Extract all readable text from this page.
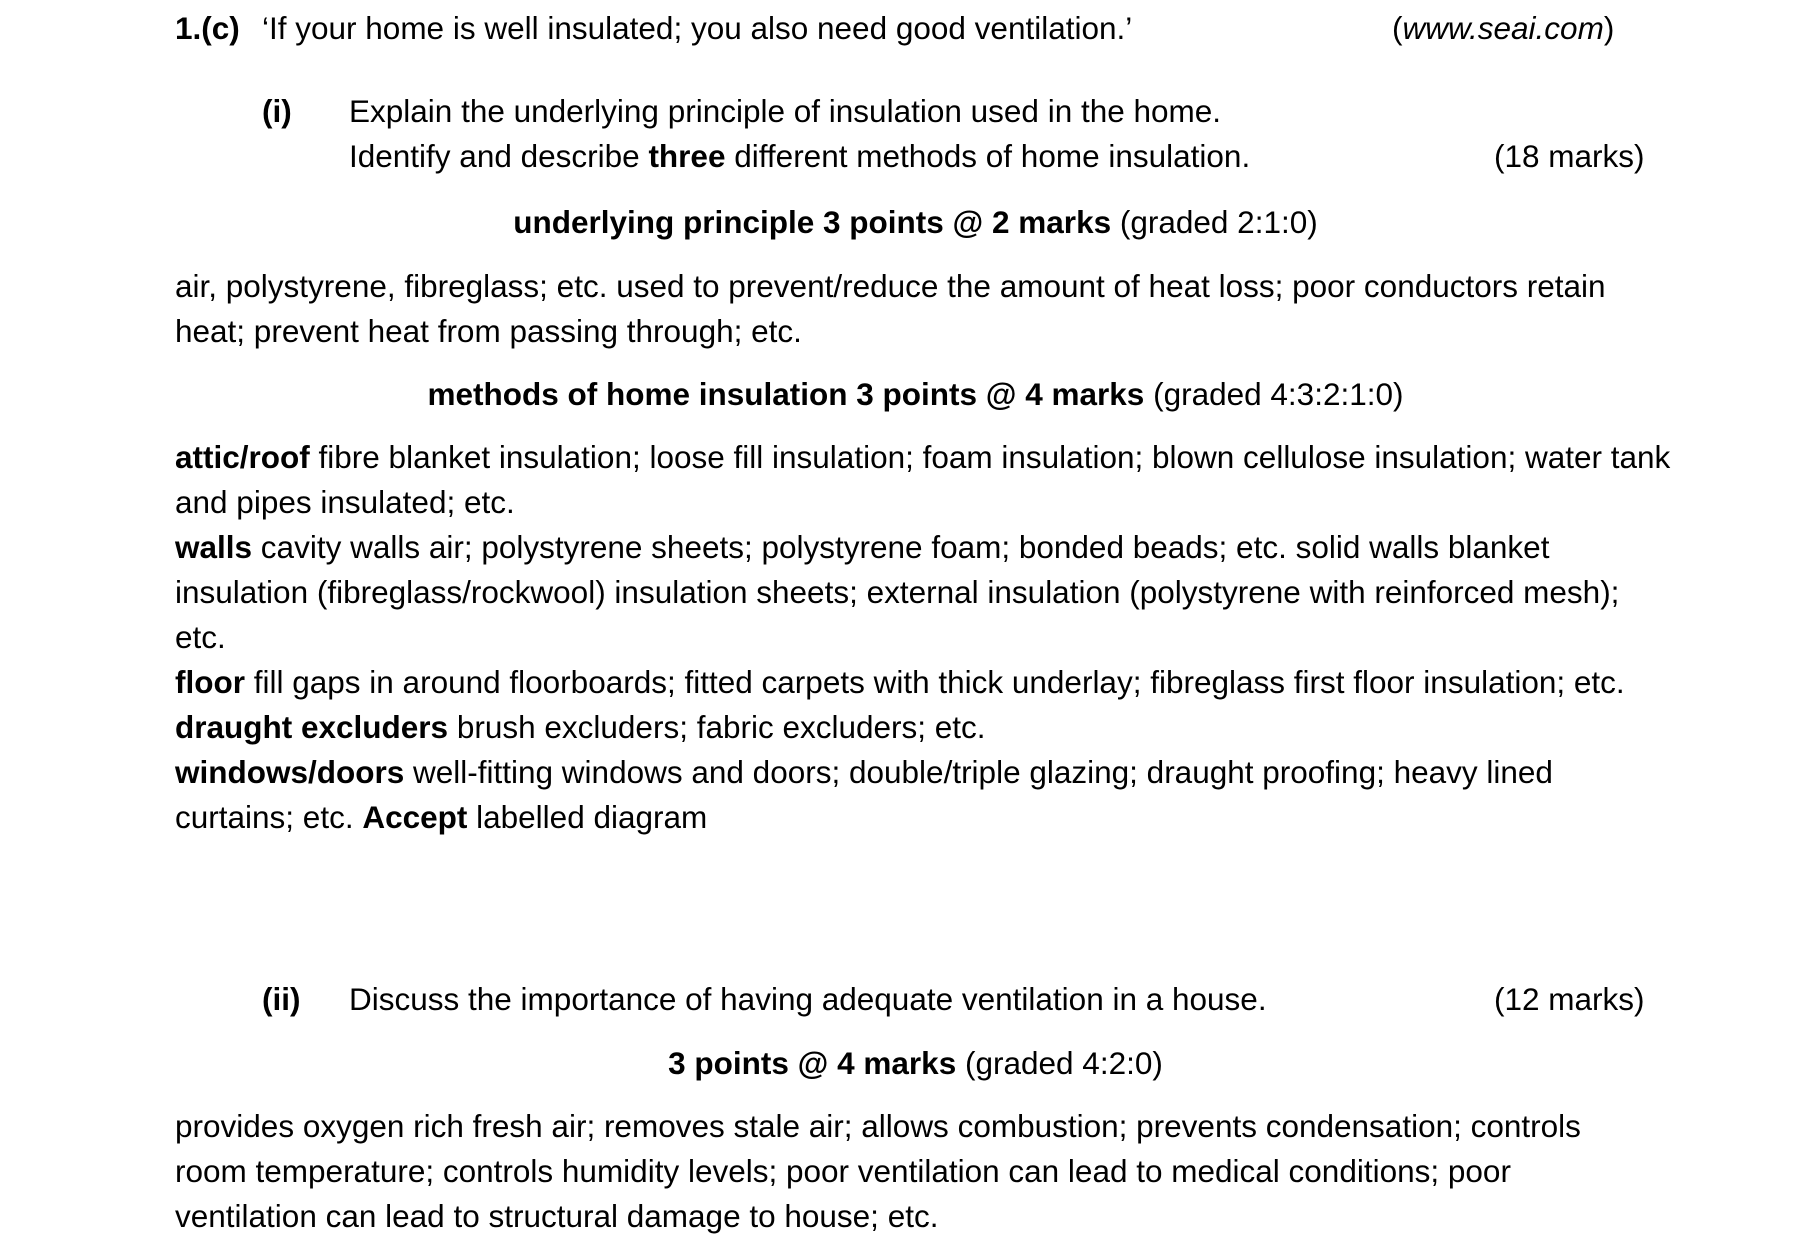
1.(c) ‘If your home is well insulated; you also need good ventilation.’	(www.seai.com)
(i) Explain the underlying principle of insulation used in the home.
Identify and describe three different methods of home insulation.	(18 marks)
underlying principle 3 points @ 2 marks (graded 2:1:0)
air, polystyrene, fibreglass; etc. used to prevent/reduce the amount of heat loss; poor conductors retain heat; prevent heat from passing through; etc.
methods of home insulation 3 points @ 4 marks (graded 4:3:2:1:0)

attic/roof fibre blanket insulation; loose fill insulation; foam insulation; blown cellulose insulation; water tank and pipes insulated; etc.

walls cavity walls air; polystyrene sheets; polystyrene foam; bonded beads; etc. solid walls blanket insulation (fibreglass/rockwool) insulation sheets; external insulation (polystyrene with reinforced mesh); etc.

floor fill gaps in around floorboards; fitted carpets with thick underlay; fibreglass first floor insulation; etc.

draught excluders brush excluders; fabric excluders; etc.

windows/doors well-fitting windows and doors; double/triple glazing; draught proofing; heavy lined curtains; etc. Accept labelled diagram

(ii) Discuss the importance of having adequate ventilation in a house.	(12 marks)
3 points @ 4 marks (graded 4:2:0)
provides oxygen rich fresh air; removes stale air; allows combustion; prevents condensation; controls room temperature; controls humidity levels; poor ventilation can lead to medical conditions; poor ventilation can lead to structural damage to house; etc.
